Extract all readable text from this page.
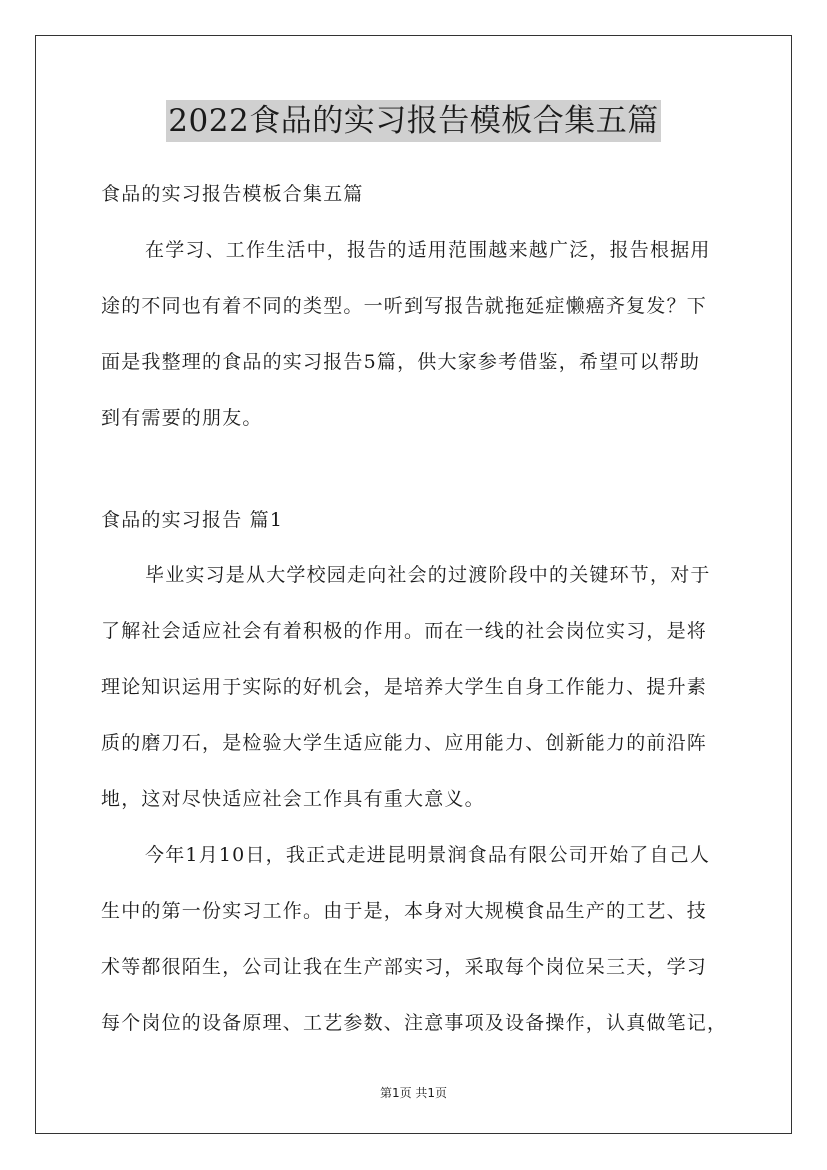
2022食品的实习报告模板合集五篇
食品的实习报告模板合集五篇
在学习、工作生活中，报告的适用范围越来越广泛，报告根据用
途的不同也有着不同的类型。一听到写报告就拖延症懒癌齐复发？下
面是我整理的食品的实习报告5篇，供大家参考借鉴，希望可以帮助
到有需要的朋友。
食品的实习报告 篇1
毕业实习是从大学校园走向社会的过渡阶段中的关键环节，对于
了解社会适应社会有着积极的作用。而在一线的社会岗位实习，是将
理论知识运用于实际的好机会，是培养大学生自身工作能力、提升素
质的磨刀石，是检验大学生适应能力、应用能力、创新能力的前沿阵
地，这对尽快适应社会工作具有重大意义。
今年1月10日，我正式走进昆明景润食品有限公司开始了自己人
生中的第一份实习工作。由于是，本身对大规模食品生产的工艺、技
术等都很陌生，公司让我在生产部实习，采取每个岗位呆三天，学习
每个岗位的设备原理、工艺参数、注意事项及设备操作，认真做笔记，
第1页 共1页
